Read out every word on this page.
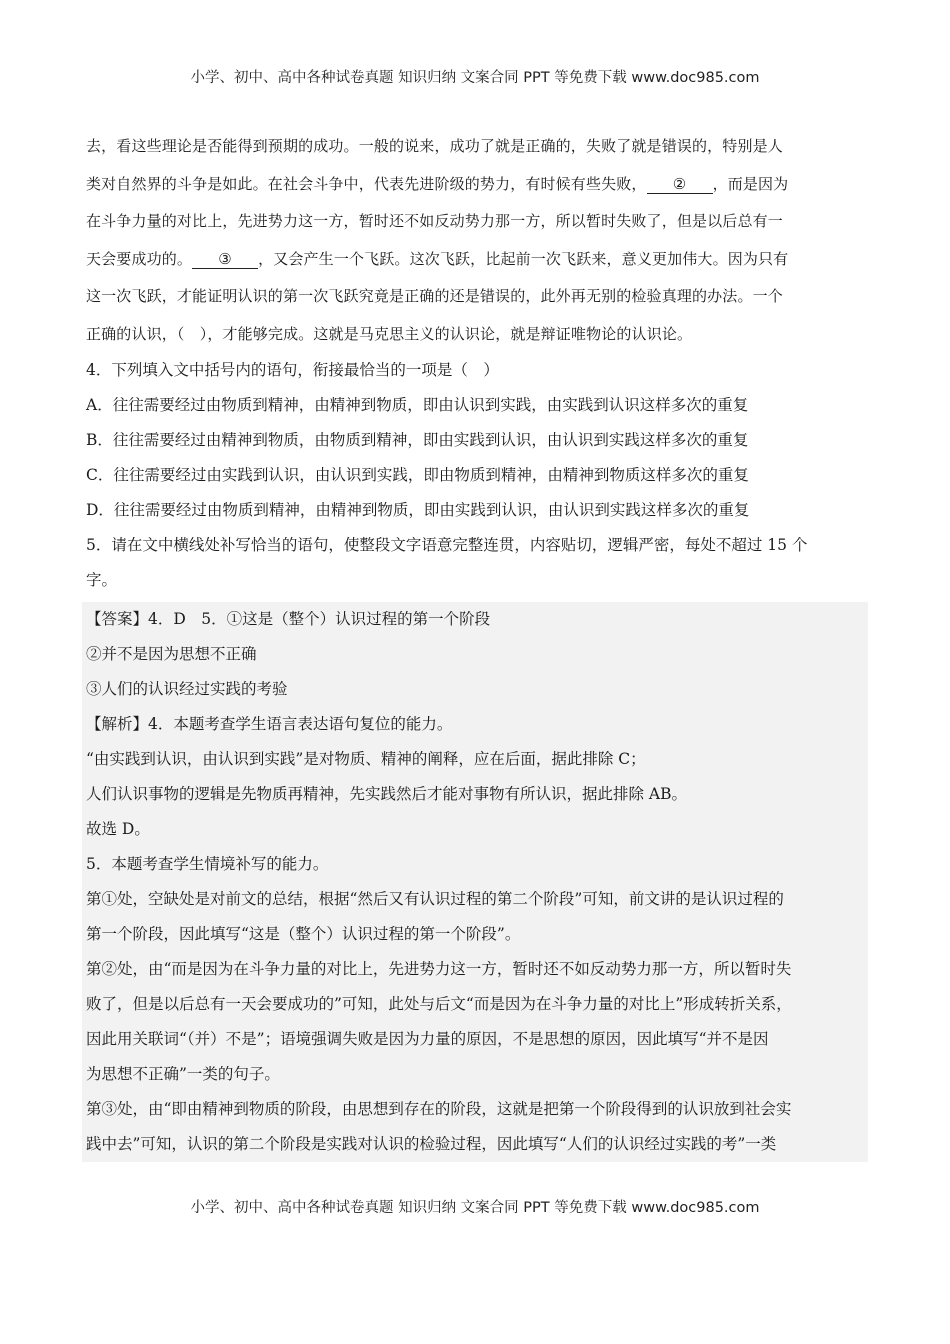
小学、初中、高中各种试卷真题 知识归纳 文案合同 PPT 等免费下载 www.doc985.com

去，看这些理论是否能得到预期的成功。一般的说来，成功了就是正确的，失败了就是错误的，特别是人

类对自然界的斗争是如此。在社会斗争中，代表先进阶级的势力，有时候有些失败， ② ，而是因为

在斗争力量的对比上，先进势力这一方，暂时还不如反动势力那一方，所以暂时失败了，但是以后总有一

天会要成功的。 ③ ，又会产生一个飞跃。这次飞跃，比起前一次飞跃来，意义更加伟大。因为只有

这一次飞跃，才能证明认识的第一次飞跃究竟是正确的还是错误的，此外再无别的检验真理的办法。一个

正确的认识，（　），才能够完成。这就是马克思主义的认识论，就是辩证唯物论的认识论。

4．下列填入文中括号内的语句，衔接最恰当的一项是（　）

A．往往需要经过由物质到精神，由精神到物质，即由认识到实践，由实践到认识这样多次的重复

B．往往需要经过由精神到物质，由物质到精神，即由实践到认识，由认识到实践这样多次的重复

C．往往需要经过由实践到认识，由认识到实践，即由物质到精神，由精神到物质这样多次的重复

D．往往需要经过由物质到精神，由精神到物质，即由实践到认识，由认识到实践这样多次的重复

5．请在文中横线处补写恰当的语句，使整段文字语意完整连贯，内容贴切，逻辑严密，每处不超过 15 个

字。

【答案】4．D　5．①这是（整个）认识过程的第一个阶段

②并不是因为思想不正确

③人们的认识经过实践的考验

【解析】4．本题考查学生语言表达语句复位的能力。

“由实践到认识，由认识到实践”是对物质、精神的阐释，应在后面，据此排除 C；

人们认识事物的逻辑是先物质再精神，先实践然后才能对事物有所认识，据此排除 AB。

故选 D。

5．本题考查学生情境补写的能力。

第①处，空缺处是对前文的总结，根据“然后又有认识过程的第二个阶段”可知，前文讲的是认识过程的

第一个阶段，因此填写“这是（整个）认识过程的第一个阶段”。

第②处，由“而是因为在斗争力量的对比上，先进势力这一方，暂时还不如反动势力那一方，所以暂时失

败了，但是以后总有一天会要成功的”可知，此处与后文“而是因为在斗争力量的对比上”形成转折关系，

因此用关联词“（并）不是”；语境强调失败是因为力量的原因，不是思想的原因，因此填写“并不是因

为思想不正确”一类的句子。

第③处，由“即由精神到物质的阶段，由思想到存在的阶段，这就是把第一个阶段得到的认识放到社会实

践中去”可知，认识的第二个阶段是实践对认识的检验过程，因此填写“人们的认识经过实践的考”一类

小学、初中、高中各种试卷真题 知识归纳 文案合同 PPT 等免费下载 www.doc985.com
